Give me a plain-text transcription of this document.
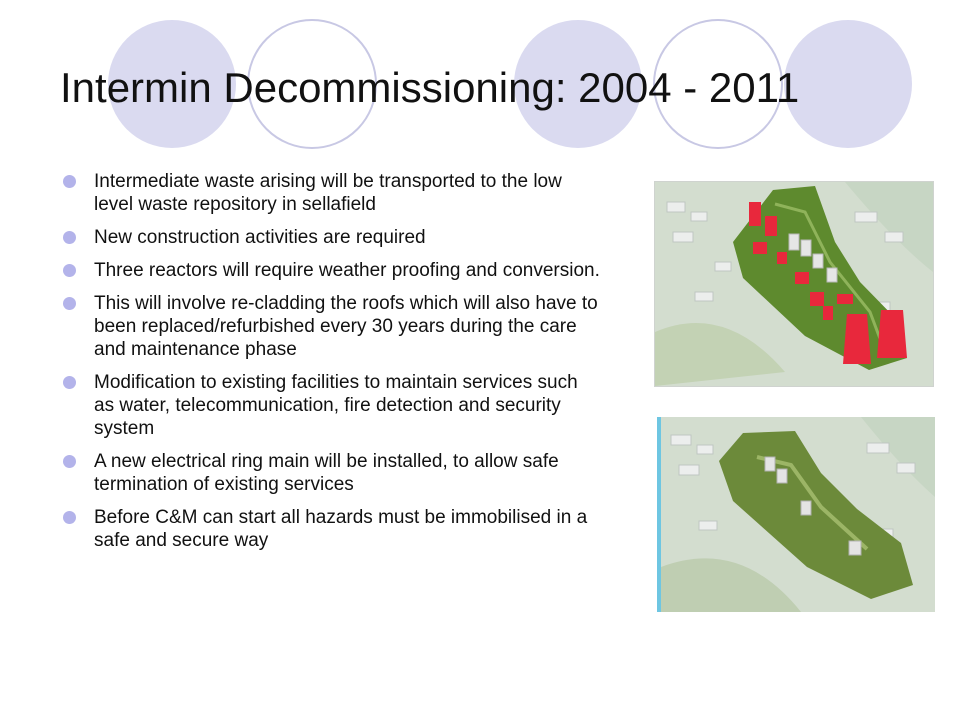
Intermin Decommissioning: 2004 - 2011
Intermediate waste arising will be transported to the low level waste repository in sellafield
New construction activities are required
Three reactors will require weather proofing and conversion.
This will involve re-cladding the roofs which will also have to been replaced/refurbished every 30 years during the care and maintenance phase
Modification to existing facilities to maintain services such as water, telecommunication, fire detection and security system
A new electrical ring main will be installed, to allow safe termination of existing services
Before C&M can start all hazards must be immobilised in a safe and secure way
